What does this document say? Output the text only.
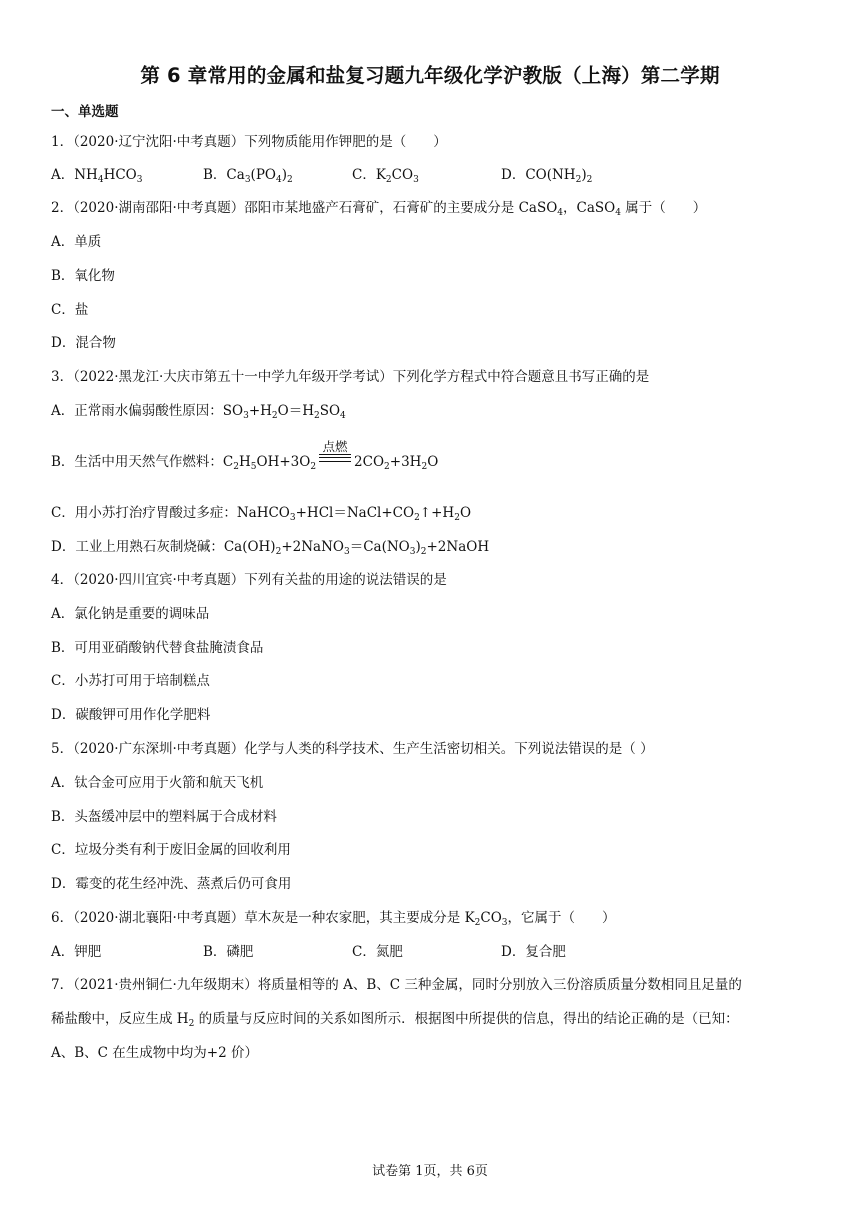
第 6 章常用的金属和盐复习题九年级化学沪教版（上海）第二学期
一、单选题
1．（2020·辽宁沈阳·中考真题）下列物质能用作钾肥的是（　　）
A．$NH_4HCO_3$	B．$Ca_3(PO_4)_2$	C．$K_2CO_3$	D．$CO(NH_2)_2$
2．（2020·湖南邵阳·中考真题）邵阳市某地盛产石膏矿，石膏矿的主要成分是 CaSO$_4$，CaSO$_4$ 属于（　　）
A．单质
B．氧化物
C．盐
D．混合物
3．（2022·黑龙江·大庆市第五十一中学九年级开学考试）下列化学方程式中符合题意且书写正确的是
A．正常雨水偏弱酸性原因：$SO_3+H_2O=H_2SO_4$
B．生活中用天然气作燃料：$C_2H_5OH+3O_2$
点燃
$2CO_2+3H_2O$
C．用小苏打治疗胃酸过多症：$NaHCO_3+HCl=NaCl+CO_2↑+H_2O$
D．工业上用熟石灰制烧碱：$Ca(OH)_2+2NaNO_3=Ca(NO_3)_2+2NaOH$
4．（2020·四川宜宾·中考真题）下列有关盐的用途的说法错误的是
A．氯化钠是重要的调味品
B．可用亚硝酸钠代替食盐腌渍食品
C．小苏打可用于培制糕点
D．碳酸钾可用作化学肥料
5．（2020·广东深圳·中考真题）化学与人类的科学技术、生产生活密切相关。下列说法错误的是（ ）
A．钛合金可应用于火箭和航天飞机
B．头盔缓冲层中的塑料属于合成材料
C．垃圾分类有利于废旧金属的回收利用
D．霉变的花生经冲洗、蒸煮后仍可食用
6．（2020·湖北襄阳·中考真题）草木灰是一种农家肥，其主要成分是 $K_2CO_3$，它属于（　　）
A．钾肥	B．磷肥	C．氮肥	D．复合肥
7．（2021·贵州铜仁·九年级期末）将质量相等的 A、B、C 三种金属，同时分别放入三份溶质质量分数相同且足量的
稀盐酸中，反应生成 $H_2$ 的质量与反应时间的关系如图所示．根据图中所提供的信息，得出的结论正确的是（已知：
A、B、C 在生成物中均为+2 价）
试卷第 1页，共 6页
